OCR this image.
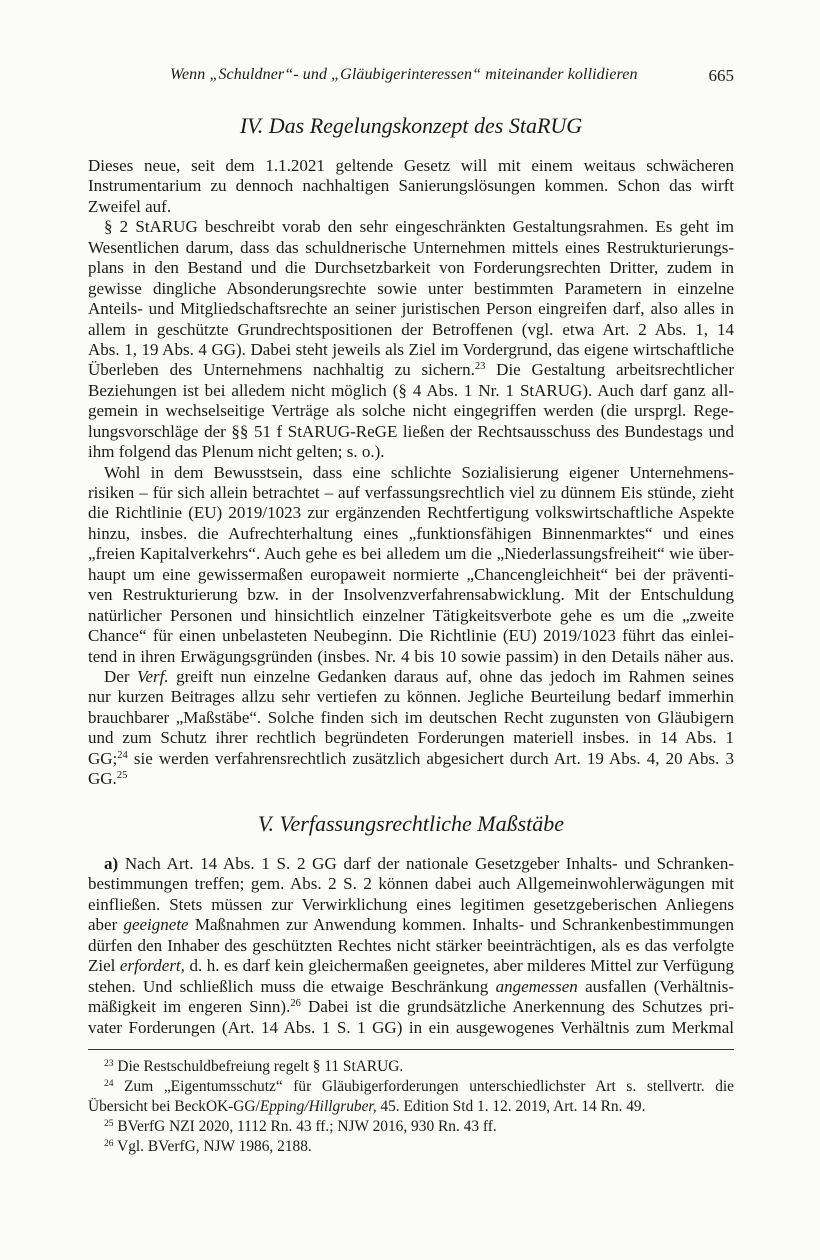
Wenn „Schuldner“- und „Gläubigerinteressen“ miteinander kollidieren	665
IV. Das Regelungskonzept des StaRUG
Dieses neue, seit dem 1.1.2021 geltende Gesetz will mit einem weitaus schwächeren
Instrumentarium zu dennoch nachhaltigen Sanierungslösungen kommen. Schon das wirft
Zweifel auf.
§ 2 StARUG beschreibt vorab den sehr eingeschränkten Gestaltungsrahmen. Es geht im
Wesentlichen darum, dass das schuldnerische Unternehmen mittels eines Restrukturierungs-
plans in den Bestand und die Durchsetzbarkeit von Forderungsrechten Dritter, zudem in
gewisse dingliche Absonderungsrechte sowie unter bestimmten Parametern in einzelne
Anteils- und Mitgliedschaftsrechte an seiner juristischen Person eingreifen darf, also alles in
allem in geschützte Grundrechtspositionen der Betroffenen (vgl. etwa Art. 2 Abs. 1, 14
Abs. 1, 19 Abs. 4 GG). Dabei steht jeweils als Ziel im Vordergrund, das eigene wirtschaftliche
Überleben des Unternehmens nachhaltig zu sichern.$^{23}$ Die Gestaltung arbeitsrechtlicher
Beziehungen ist bei alledem nicht möglich (§ 4 Abs. 1 Nr. 1 StARUG). Auch darf ganz all-
gemein in wechselseitige Verträge als solche nicht eingegriffen werden (die ursprgl. Rege-
lungsvorschläge der §§ 51 f StARUG-ReGE ließen der Rechtsausschuss des Bundestags und
ihm folgend das Plenum nicht gelten; s. o.).
Wohl in dem Bewusstsein, dass eine schlichte Sozialisierung eigener Unternehmens-
risiken – für sich allein betrachtet – auf verfassungsrechtlich viel zu dünnem Eis stünde, zieht
die Richtlinie (EU) 2019/1023 zur ergänzenden Rechtfertigung volkswirtschaftliche Aspekte
hinzu, insbes. die Aufrechterhaltung eines „funktionsfähigen Binnenmarktes“ und eines
„freien Kapitalverkehrs“. Auch gehe es bei alledem um die „Niederlassungsfreiheit“ wie über-
haupt um eine gewissermaßen europaweit normierte „Chancengleichheit“ bei der präventi-
ven Restrukturierung bzw. in der Insolvenzverfahrensabwicklung. Mit der Entschuldung
natürlicher Personen und hinsichtlich einzelner Tätigkeitsverbote gehe es um die „zweite
Chance“ für einen unbelasteten Neubeginn. Die Richtlinie (EU) 2019/1023 führt das einlei-
tend in ihren Erwägungsgründen (insbes. Nr. 4 bis 10 sowie passim) in den Details näher aus.
Der Verf. greift nun einzelne Gedanken daraus auf, ohne das jedoch im Rahmen seines
nur kurzen Beitrages allzu sehr vertiefen zu können. Jegliche Beurteilung bedarf immerhin
brauchbarer „Maßstäbe“. Solche finden sich im deutschen Recht zugunsten von Gläubigern
und zum Schutz ihrer rechtlich begründeten Forderungen materiell insbes. in 14 Abs. 1
GG;$^{24}$ sie werden verfahrensrechtlich zusätzlich abgesichert durch Art. 19 Abs. 4, 20 Abs. 3
GG.$^{25}$
V. Verfassungsrechtliche Maßstäbe
a) Nach Art. 14 Abs. 1 S. 2 GG darf der nationale Gesetzgeber Inhalts- und Schranken-
bestimmungen treffen; gem. Abs. 2 S. 2 können dabei auch Allgemeinwohlerwägungen mit
einfließen. Stets müssen zur Verwirklichung eines legitimen gesetzgeberischen Anliegens
aber geeignete Maßnahmen zur Anwendung kommen. Inhalts- und Schrankenbestimmungen
dürfen den Inhaber des geschützten Rechtes nicht stärker beeinträchtigen, als es das verfolgte
Ziel erfordert, d. h. es darf kein gleichermaßen geeignetes, aber milderes Mittel zur Verfügung
stehen. Und schließlich muss die etwaige Beschränkung angemessen ausfallen (Verhältnis-
mäßigkeit im engeren Sinn).$^{26}$ Dabei ist die grundsätzliche Anerkennung des Schutzes pri-
vater Forderungen (Art. 14 Abs. 1 S. 1 GG) in ein ausgewogenes Verhältnis zum Merkmal
$^{23}$ Die Restschuldbefreiung regelt § 11 StARUG.
$^{24}$ Zum „Eigentumsschutz“ für Gläubigerforderungen unterschiedlichster Art s. stellvertr. die
Übersicht bei BeckOK-GG/Epping/Hillgruber, 45. Edition Std 1. 12. 2019, Art. 14 Rn. 49.
$^{25}$ BVerfG NZI 2020, 1112 Rn. 43 ff.; NJW 2016, 930 Rn. 43 ff.
$^{26}$ Vgl. BVerfG, NJW 1986, 2188.
